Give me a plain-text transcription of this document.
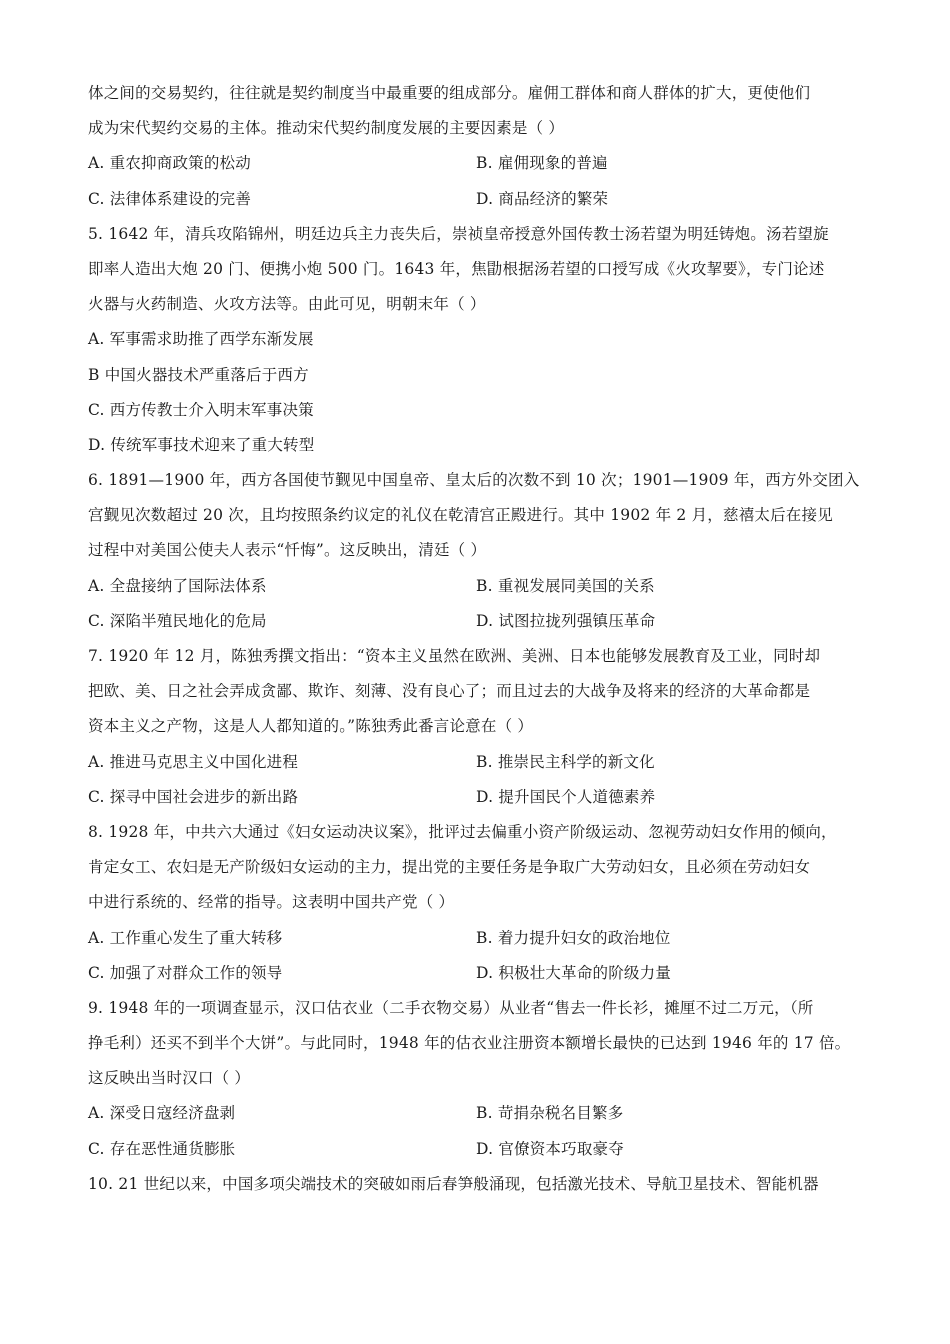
体之间的交易契约，往往就是契约制度当中最重要的组成部分。雇佣工群体和商人群体的扩大，更使他们
成为宋代契约交易的主体。推动宋代契约制度发展的主要因素是（ ）
A. 重农抑商政策的松动	B. 雇佣现象的普遍
C. 法律体系建设的完善	D. 商品经济的繁荣
5. 1642 年，清兵攻陷锦州，明廷边兵主力丧失后，崇祯皇帝授意外国传教士汤若望为明廷铸炮。汤若望旋
即率人造出大炮 20 门、便携小炮 500 门。1643 年，焦勖根据汤若望的口授写成《火攻挈要》，专门论述
火器与火药制造、火攻方法等。由此可见，明朝末年（ ）
A. 军事需求助推了西学东渐发展
B 中国火器技术严重落后于西方
C. 西方传教士介入明末军事决策
D. 传统军事技术迎来了重大转型
6. 1891—1900 年，西方各国使节觐见中国皇帝、皇太后的次数不到 10 次；1901—1909 年，西方外交团入
宫觐见次数超过 20 次，且均按照条约议定的礼仪在乾清宫正殿进行。其中 1902 年 2 月，慈禧太后在接见
过程中对美国公使夫人表示“忏悔”。这反映出，清廷（ ）
A. 全盘接纳了国际法体系	B. 重视发展同美国的关系
C. 深陷半殖民地化的危局	D. 试图拉拢列强镇压革命
7. 1920 年 12 月，陈独秀撰文指出：“资本主义虽然在欧洲、美洲、日本也能够发展教育及工业，同时却
把欧、美、日之社会弄成贪鄙、欺诈、刻薄、没有良心了；而且过去的大战争及将来的经济的大革命都是
资本主义之产物，这是人人都知道的。”陈独秀此番言论意在（ ）
A. 推进马克思主义中国化进程	B. 推崇民主科学的新文化
C. 探寻中国社会进步的新出路	D. 提升国民个人道德素养
8. 1928 年，中共六大通过《妇女运动决议案》，批评过去偏重小资产阶级运动、忽视劳动妇女作用的倾向，
肯定女工、农妇是无产阶级妇女运动的主力，提出党的主要任务是争取广大劳动妇女，且必须在劳动妇女
中进行系统的、经常的指导。这表明中国共产党（ ）
A. 工作重心发生了重大转移	B. 着力提升妇女的政治地位
C. 加强了对群众工作的领导	D. 积极壮大革命的阶级力量
9. 1948 年的一项调查显示，汉口估衣业（二手衣物交易）从业者“售去一件长衫，摊厘不过二万元，（所
挣毛利）还买不到半个大饼”。与此同时，1948 年的估衣业注册资本额增长最快的已达到 1946 年的 17 倍。
这反映出当时汉口（ ）
A. 深受日寇经济盘剥	B. 苛捐杂税名目繁多
C. 存在恶性通货膨胀	D. 官僚资本巧取豪夺
10. 21 世纪以来，中国多项尖端技术的突破如雨后春笋般涌现，包括激光技术、导航卫星技术、智能机器
